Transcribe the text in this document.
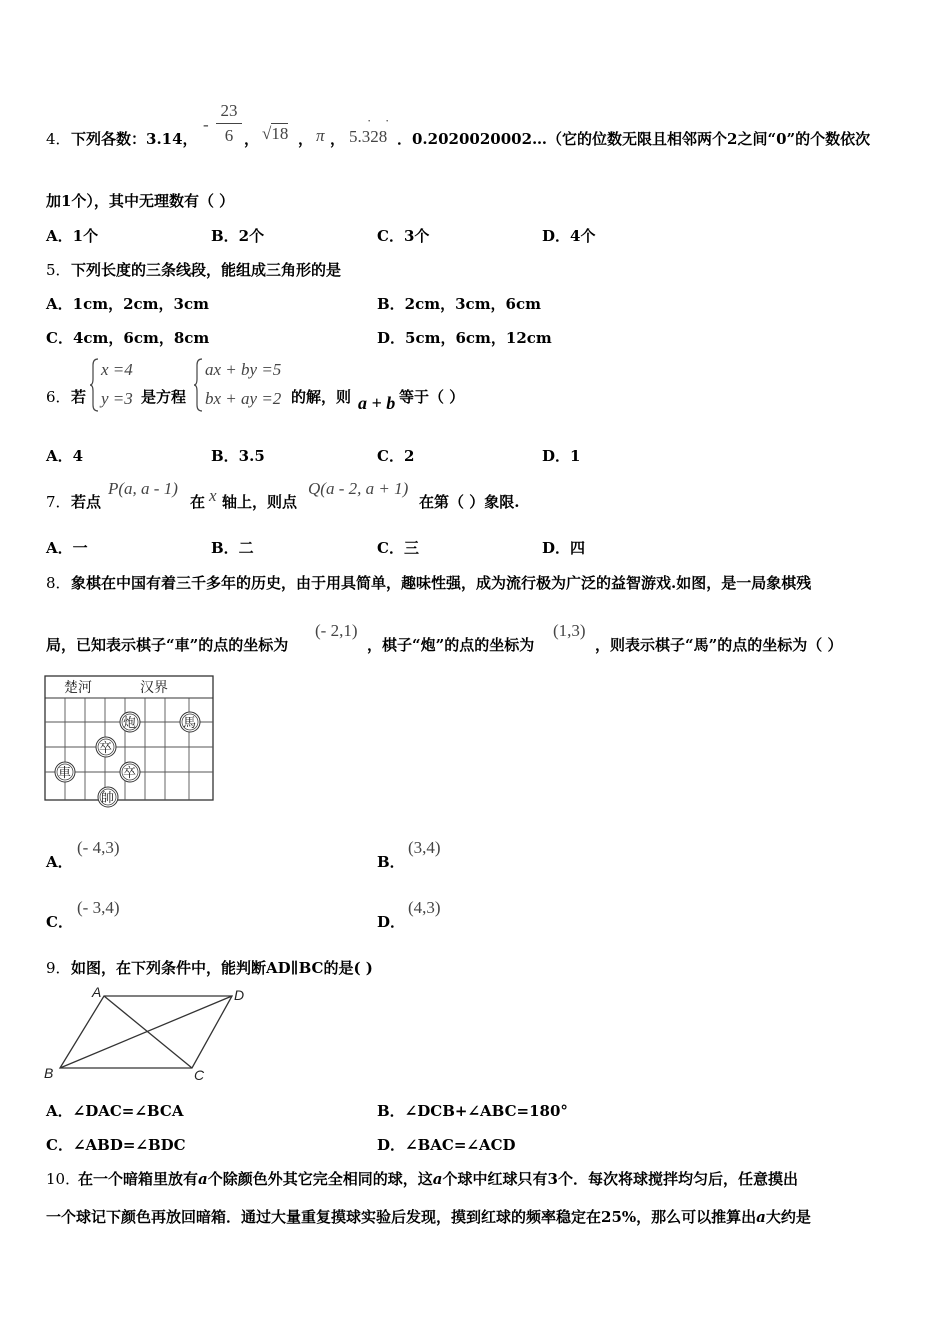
4． 下列各数：3.14，
-
23
6 ， √18 ， π ， 5.328
· ·
．0.2020020002…（它的位数无限且相邻两个2之间“0”的个数依次
加1个），其中无理数有（ ）
A．1个	B．2个	C．3个	D．4个
5． 下列长度的三条线段，能组成三角形的是
A．1cm，2cm，3cm	B．2cm，3cm，6cm
C．4cm，6cm，8cm	D．5cm，6cm，12cm
6． 若
x =4
y =3 是方程
ax + by =5
bx + ay =2 的解，则 a + b 等于（ ）
A．4	B．3.5	C．2	D．1
7． 若点
P(a, a - 1)
在 x 轴上，则点
Q(a - 2, a + 1)
在第（ ）象限.
A．一	B．二	C．三	D．四
8． 象棋在中国有着三千多年的历史，由于用具简单，趣味性强，成为流行极为广泛的益智游戏.如图，是一局象棋残
局，已知表示棋子“車”的点的坐标为
(- 2,1)
，棋子“炮”的点的坐标为
(1,3)
，则表示棋子“馬”的点的坐标为（ ）
楚河	汉界
炮	馬
卒
車	卒
帥
A．
(- 4,3)
B．
(3,4)
C．
(- 3,4)
D．
(4,3)
9． 如图，在下列条件中，能判断AD∥BC的是( )
A	D
B	C
A．∠DAC=∠BCA	B．∠DCB+∠ABC=180°
C．∠ABD=∠BDC	D．∠BAC=∠ACD
10．
在一个暗箱里放有a个除颜色外其它完全相同的球，这a个球中红球只有3个．每次将球搅拌均匀后，任意摸出
一个球记下颜色再放回暗箱．通过大量重复摸球实验后发现，摸到红球的频率稳定在25%，那么可以推算出a大约是
